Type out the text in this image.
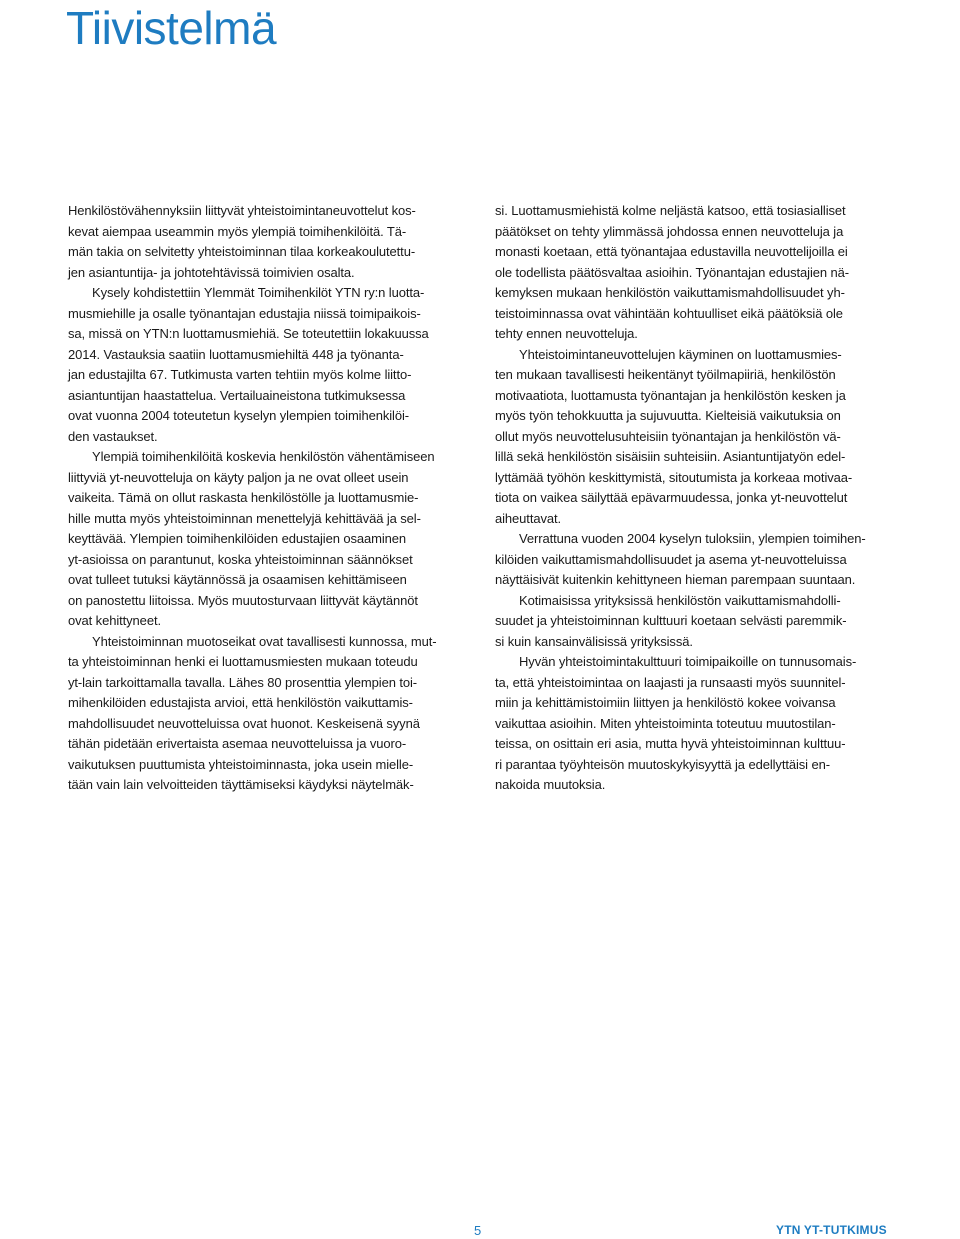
Tiivistelmä

Henkilöstövähennyksiin liittyvät yhteistoimintaneuvottelut kos-
kevat aiempaa useammin myös ylempiä toimihenkilöitä. Tä-
män takia on selvitetty yhteistoiminnan tilaa korkeakoulutettu-
jen asiantuntija- ja johtotehtävissä toimivien osalta.

Kysely kohdistettiin Ylemmät Toimihenkilöt YTN ry:n luotta-
musmiehille ja osalle työnantajan edustajia niissä toimipaikois-
sa, missä on YTN:n luottamusmiehiä. Se toteutettiin lokakuussa
2014. Vastauksia saatiin luottamusmiehiltä 448 ja työnanta-
jan edustajilta 67. Tutkimusta varten tehtiin myös kolme liitto-
asiantuntijan haastattelua. Vertailuaineistona tutkimuksessa
ovat vuonna 2004 toteutetun kyselyn ylempien toimihenkilöi-
den vastaukset.

Ylempiä toimihenkilöitä koskevia henkilöstön vähentämiseen
liittyviä yt-neuvotteluja on käyty paljon ja ne ovat olleet usein
vaikeita. Tämä on ollut raskasta henkilöstölle ja luottamusmie-
hille mutta myös yhteistoiminnan menettelyjä kehittävää ja sel-
keyttävää. Ylempien toimihenkilöiden edustajien osaaminen
yt-asioissa on parantunut, koska yhteistoiminnan säännökset
ovat tulleet tutuksi käytännössä ja osaamisen kehittämiseen
on panostettu liitoissa. Myös muutosturvaan liittyvät käytännöt
ovat kehittyneet.

Yhteistoiminnan muotoseikat ovat tavallisesti kunnossa, mut-
ta yhteistoiminnan henki ei luottamusmiesten mukaan toteudu
yt-lain tarkoittamalla tavalla. Lähes 80 prosenttia ylempien toi-
mihenkilöiden edustajista arvioi, että henkilöstön vaikuttamis-
mahdollisuudet neuvotteluissa ovat huonot. Keskeisenä syynä
tähän pidetään erivertaista asemaa neuvotteluissa ja vuoro-
vaikutuksen puuttumista yhteistoiminnasta, joka usein mielle-
tään vain lain velvoitteiden täyttämiseksi käydyksi näytelmäk-

si. Luottamusmiehistä kolme neljästä katsoo, että tosiasialliset
päätökset on tehty ylimmässä johdossa ennen neuvotteluja ja
monasti koetaan, että työnantajaa edustavilla neuvottelijoilla ei
ole todellista päätösvaltaa asioihin. Työnantajan edustajien nä-
kemyksen mukaan henkilöstön vaikuttamismahdollisuudet yh-
teistoiminnassa ovat vähintään kohtuulliset eikä päätöksiä ole
tehty ennen neuvotteluja.

Yhteistoimintaneuvottelujen käyminen on luottamusmies-
ten mukaan tavallisesti heikentänyt työilmapiiriä, henkilöstön
motivaatiota, luottamusta työnantajan ja henkilöstön kesken ja
myös työn tehokkuutta ja sujuvuutta. Kielteisiä vaikutuksia on
ollut myös neuvottelusuhteisiin työnantajan ja henkilöstön vä-
lillä sekä henkilöstön sisäisiin suhteisiin. Asiantuntijatyön edel-
lyttämää työhön keskittymistä, sitoutumista ja korkeaa motivaa-
tiota on vaikea säilyttää epävarmuudessa, jonka yt-neuvottelut
aiheuttavat.

Verrattuna vuoden 2004 kyselyn tuloksiin, ylempien toimihen-
kilöiden vaikuttamismahdollisuudet ja asema yt-neuvotteluissa
näyttäisivät kuitenkin kehittyneen hieman parempaan suuntaan.

Kotimaisissa yrityksissä henkilöstön vaikuttamismahdolli-
suudet ja yhteistoiminnan kulttuuri koetaan selvästi paremmik-
si kuin kansainvälisissä yrityksissä.

Hyvän yhteistoimintakulttuuri toimipaikoille on tunnusomais-
ta, että yhteistoimintaa on laajasti ja runsaasti myös suunnitel-
miin ja kehittämistoimiin liittyen ja henkilöstö kokee voivansa
vaikuttaa asioihin. Miten yhteistoiminta toteutuu muutostilan-
teissa, on osittain eri asia, mutta hyvä yhteistoiminnan kulttuu-
ri parantaa työyhteisön muutoskykyisyyttä ja edellyttäisi en-
nakoida muutoksia.

5	YTN YT-TUTKIMUS
